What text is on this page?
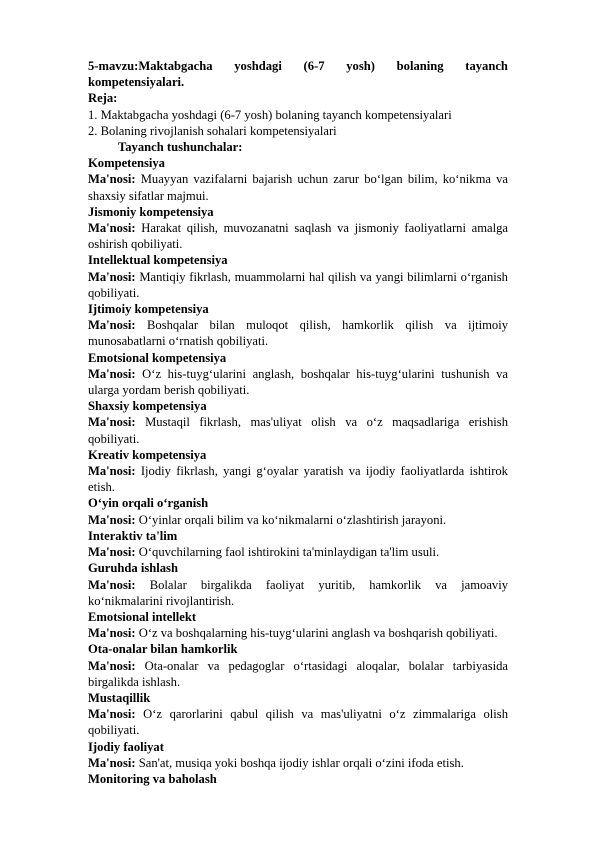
5-mavzu:Maktabgacha yoshdagi (6-7 yosh) bolaning tayanch
kompetensiyalari.
Reja:
1. Maktabgacha yoshdagi (6-7 yosh) bolaning tayanch kompetensiyalari
2. Bolaning rivojlanish sohalari kompetensiyalari
Tayanch tushunchalar:
Kompetensiya
Ma'nosi: Muayyan vazifalarni bajarish uchun zarur bo‘lgan bilim, ko‘nikma va shaxsiy sifatlar majmui.
Jismoniy kompetensiya
Ma'nosi: Harakat qilish, muvozanatni saqlash va jismoniy faoliyatlarni amalga oshirish qobiliyati.
Intellektual kompetensiya
Ma'nosi: Mantiqiy fikrlash, muammolarni hal qilish va yangi bilimlarni o‘rganish qobiliyati.
Ijtimoiy kompetensiya
Ma'nosi: Boshqalar bilan muloqot qilish, hamkorlik qilish va ijtimoiy munosabatlarni o‘rnatish qobiliyati.
Emotsional kompetensiya
Ma'nosi: O‘z his-tuyg‘ularini anglash, boshqalar his-tuyg‘ularini tushunish va ularga yordam berish qobiliyati.
Shaxsiy kompetensiya
Ma'nosi: Mustaqil fikrlash, mas'uliyat olish va o‘z maqsadlariga erishish qobiliyati.
Kreativ kompetensiya
Ma'nosi: Ijodiy fikrlash, yangi g‘oyalar yaratish va ijodiy faoliyatlarda ishtirok etish.
O‘yin orqali o‘rganish
Ma'nosi: O‘yinlar orqali bilim va ko‘nikmalarni o‘zlashtirish jarayoni.
Interaktiv ta'lim
Ma'nosi: O‘quvchilarning faol ishtirokini ta'minlaydigan ta'lim usuli.
Guruhda ishlash
Ma'nosi: Bolalar birgalikda faoliyat yuritib, hamkorlik va jamoaviy ko‘nikmalarini rivojlantirish.
Emotsional intellekt
Ma'nosi: O‘z va boshqalarning his-tuyg‘ularini anglash va boshqarish qobiliyati.
Ota-onalar bilan hamkorlik
Ma'nosi: Ota-onalar va pedagoglar o‘rtasidagi aloqalar, bolalar tarbiyasida birgalikda ishlash.
Mustaqillik
Ma'nosi: O‘z qarorlarini qabul qilish va mas'uliyatni o‘z zimmalariga olish qobiliyati.
Ijodiy faoliyat
Ma'nosi: San'at, musiqa yoki boshqa ijodiy ishlar orqali o‘zini ifoda etish.
Monitoring va baholash
